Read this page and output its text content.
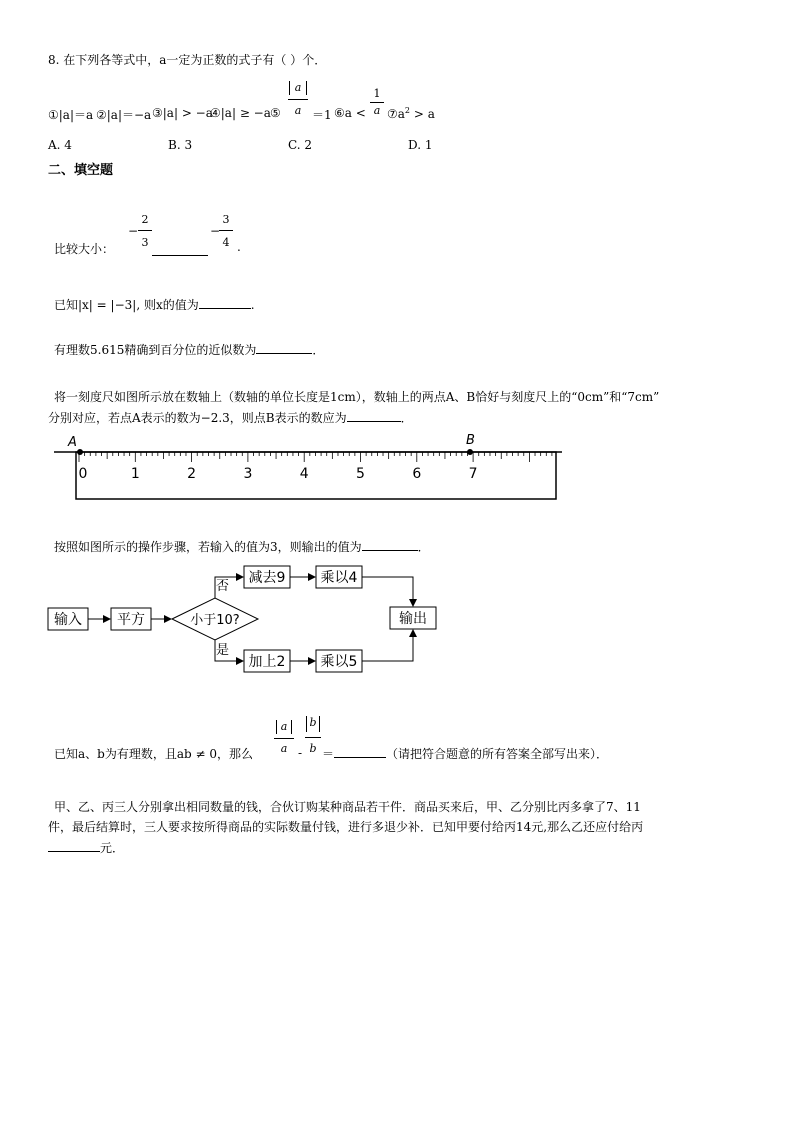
8. 在下列各等式中，a一定为正数的式子有（ ）个．
①|a|＝a ②|a|＝−a ③|a| > −a
④|a| ≥ −a ⑤
a
a ＝1 ⑥a <
1
a $⑦a^2 > a$
A. 4	B. 3	C. 2	D. 1
二、填空题
比较大小：
−
2
3
−
3
4 .
已知|x| = |−3|, 则x的值为	.
有理数5.615精确到百分位的近似数为	．
将一刻度尺如图所示放在数轴上（数轴的单位长度是1cm），数轴上的两点A、B恰好与刻度尺上的“0cm”和“7cm”
分别对应，若点A表示的数为−2.3，则点B表示的数应为	．
0	1	2	3	4	5	6	7
A	B
按照如图所示的操作步骤，若输入的值为3，则输出的值为	．
输入	平方	小于10?
减去9	乘以4
加上2	乘以5
输出
否
是
已知a、b为有理数，且ab ≠ 0，那么
a
a -
b
b ＝	（请把符合题意的所有答案全部写出来）．
甲、乙、丙三人分别拿出相同数量的钱，合伙订购某种商品若干件．商品买来后，甲、乙分别比丙多拿了7、11
件，最后结算时，三人要求按所得商品的实际数量付钱，进行多退少补．已知甲要付给丙14元,那么乙还应付给丙
元．
